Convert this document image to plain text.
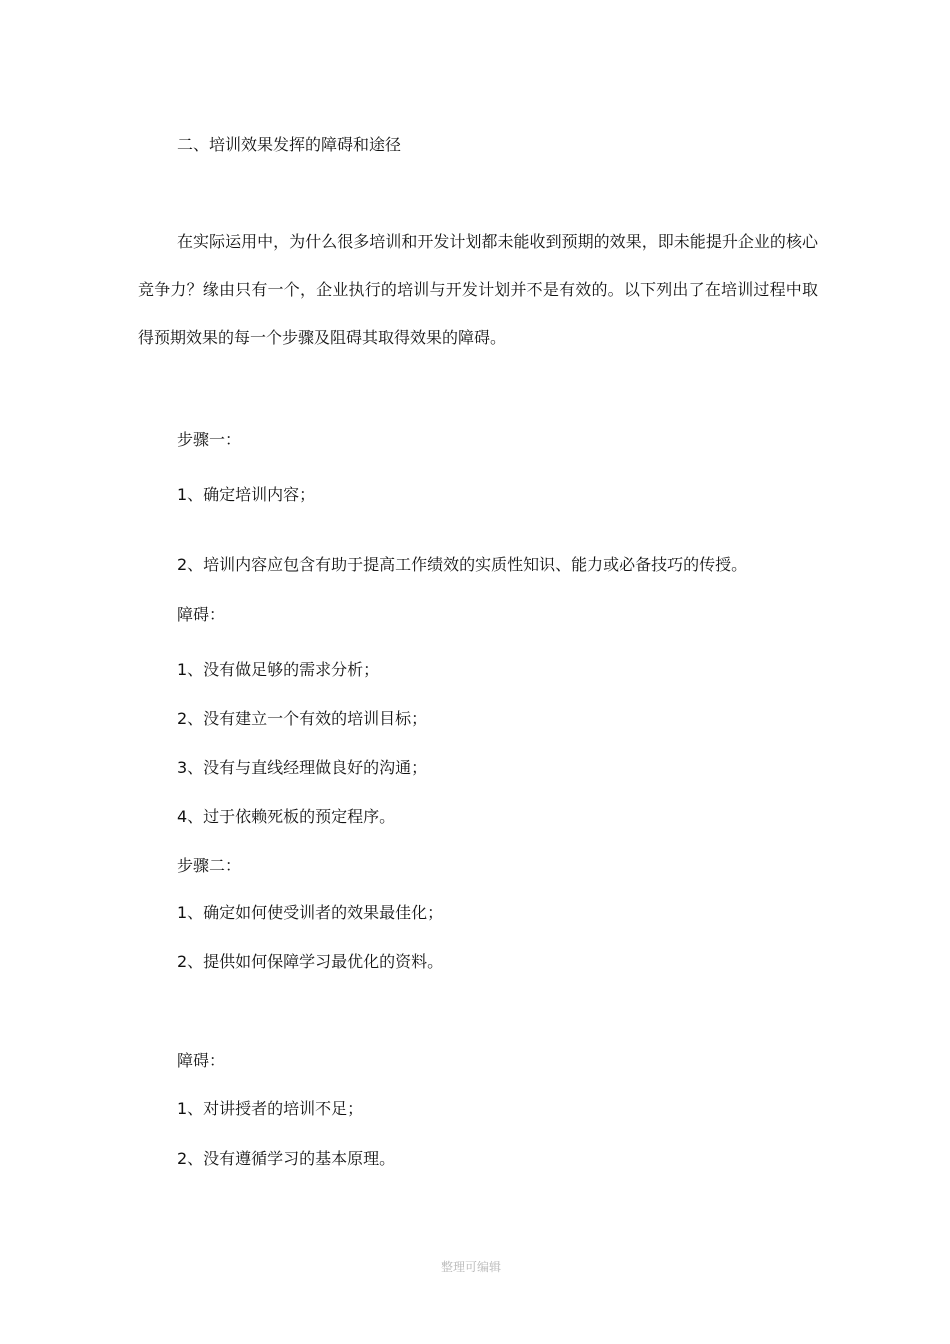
二、培训效果发挥的障碍和途径
在实际运用中，为什么很多培训和开发计划都未能收到预期的效果，即未能提升企业的核心竞争力？缘由只有一个，企业执行的培训与开发计划并不是有效的。以下列出了在培训过程中取得预期效果的每一个步骤及阻碍其取得效果的障碍。
步骤一：
1、确定培训内容；
2、培训内容应包含有助于提高工作绩效的实质性知识、能力或必备技巧的传授。
障碍：
1、没有做足够的需求分析；
2、没有建立一个有效的培训目标；
3、没有与直线经理做良好的沟通；
4、过于依赖死板的预定程序。
步骤二：
1、确定如何使受训者的效果最佳化；
2、提供如何保障学习最优化的资料。
障碍：
1、对讲授者的培训不足；
2、没有遵循学习的基本原理。
整理可编辑
